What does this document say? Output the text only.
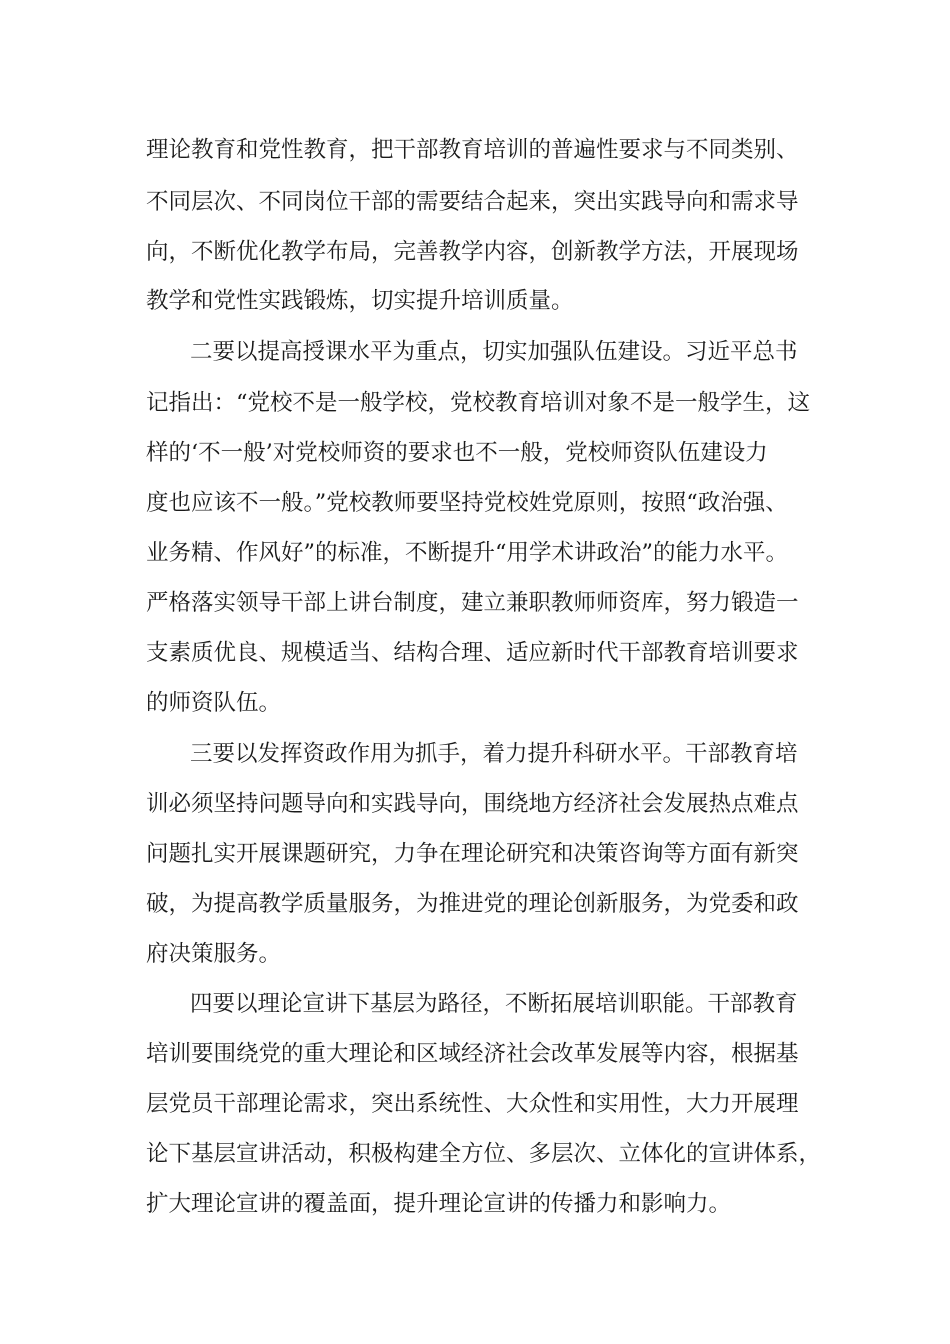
理论教育和党性教育，把干部教育培训的普遍性要求与不同类别、
不同层次、不同岗位干部的需要结合起来，突出实践导向和需求导
向，不断优化教学布局，完善教学内容，创新教学方法，开展现场
教学和党性实践锻炼，切实提升培训质量。
二要以提高授课水平为重点，切实加强队伍建设。习近平总书
记指出：“党校不是一般学校，党校教育培训对象不是一般学生，这
样的‘不一般’对党校师资的要求也不一般，党校师资队伍建设力
度也应该不一般。”党校教师要坚持党校姓党原则，按照“政治强、
业务精、作风好”的标准，不断提升“用学术讲政治”的能力水平。
严格落实领导干部上讲台制度，建立兼职教师师资库，努力锻造一
支素质优良、规模适当、结构合理、适应新时代干部教育培训要求
的师资队伍。
三要以发挥资政作用为抓手，着力提升科研水平。干部教育培
训必须坚持问题导向和实践导向，围绕地方经济社会发展热点难点
问题扎实开展课题研究，力争在理论研究和决策咨询等方面有新突
破，为提高教学质量服务，为推进党的理论创新服务，为党委和政
府决策服务。
四要以理论宣讲下基层为路径，不断拓展培训职能。干部教育
培训要围绕党的重大理论和区域经济社会改革发展等内容，根据基
层党员干部理论需求，突出系统性、大众性和实用性，大力开展理
论下基层宣讲活动，积极构建全方位、多层次、立体化的宣讲体系，
扩大理论宣讲的覆盖面，提升理论宣讲的传播力和影响力。
